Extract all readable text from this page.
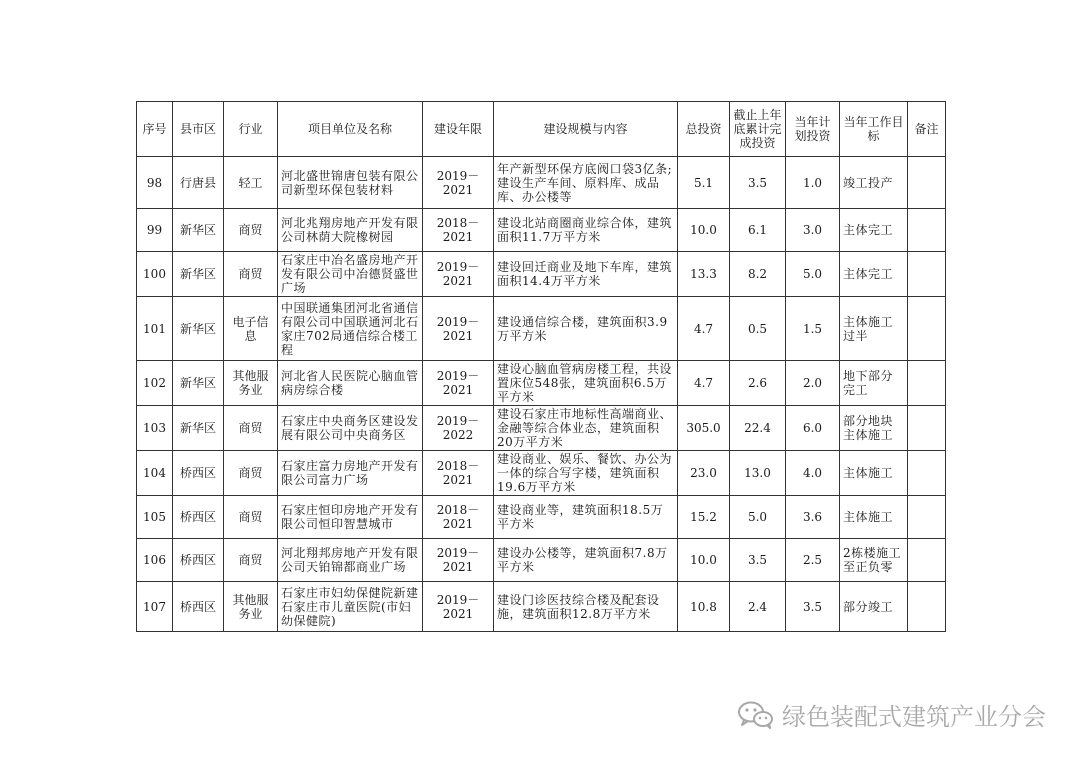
序号	县市区	行业	项目单位及名称	建设年限	建设规模与内容	总投资	截止上年底累计完成投资	当年计划投资	当年工作目标	备注
98	行唐县	轻工	河北盛世锦唐包装有限公司新型环保包装材料	2019－2021	年产新型环保方底阀口袋3亿条;建设生产车间、原料库、成品库、办公楼等	5.1	3.5	1.0	竣工投产	
99	新华区	商贸	河北兆翔房地产开发有限公司林荫大院橡树园	2018－2021	建设北站商圈商业综合体，建筑面积11.7万平方米	10.0	6.1	3.0	主体完工	
100	新华区	商贸	石家庄中冶名盛房地产开发有限公司中冶德贤盛世广场	2019－2021	建设回迁商业及地下车库，建筑面积14.4万平方米	13.3	8.2	5.0	主体完工	
101	新华区	电子信息	中国联通集团河北省通信有限公司中国联通河北石家庄702局通信综合楼工程	2019－2021	建设通信综合楼，建筑面积3.9万平方米	4.7	0.5	1.5	主体施工过半	
102	新华区	其他服务业	河北省人民医院心脑血管病房综合楼	2019－2021	建设心脑血管病房楼工程，共设置床位548张，建筑面积6.5万平方米	4.7	2.6	2.0	地下部分完工	
103	新华区	商贸	石家庄中央商务区建设发展有限公司中央商务区	2019－2022	建设石家庄市地标性高端商业、金融等综合体业态，建筑面积20万平方米	305.0	22.4	6.0	部分地块主体施工	
104	桥西区	商贸	石家庄富力房地产开发有限公司富力广场	2018－2021	建设商业、娱乐、餐饮、办公为一体的综合写字楼，建筑面积19.6万平方米	23.0	13.0	4.0	主体施工	
105	桥西区	商贸	石家庄恒印房地产开发有限公司恒印智慧城市	2018－2021	建设商业等，建筑面积18.5万平方米	15.2	5.0	3.6	主体施工	
106	桥西区	商贸	河北翔邦房地产开发有限公司天铂锦都商业广场	2019－2021	建设办公楼等，建筑面积7.8万平方米	10.0	3.5	2.5	2栋楼施工至正负零	
107	桥西区	其他服务业	石家庄市妇幼保健院新建石家庄市儿童医院(市妇幼保健院)	2019－2021	建设门诊医技综合楼及配套设施，建筑面积12.8万平方米	10.8	2.4	3.5	部分竣工	
绿色装配式建筑产业分会
